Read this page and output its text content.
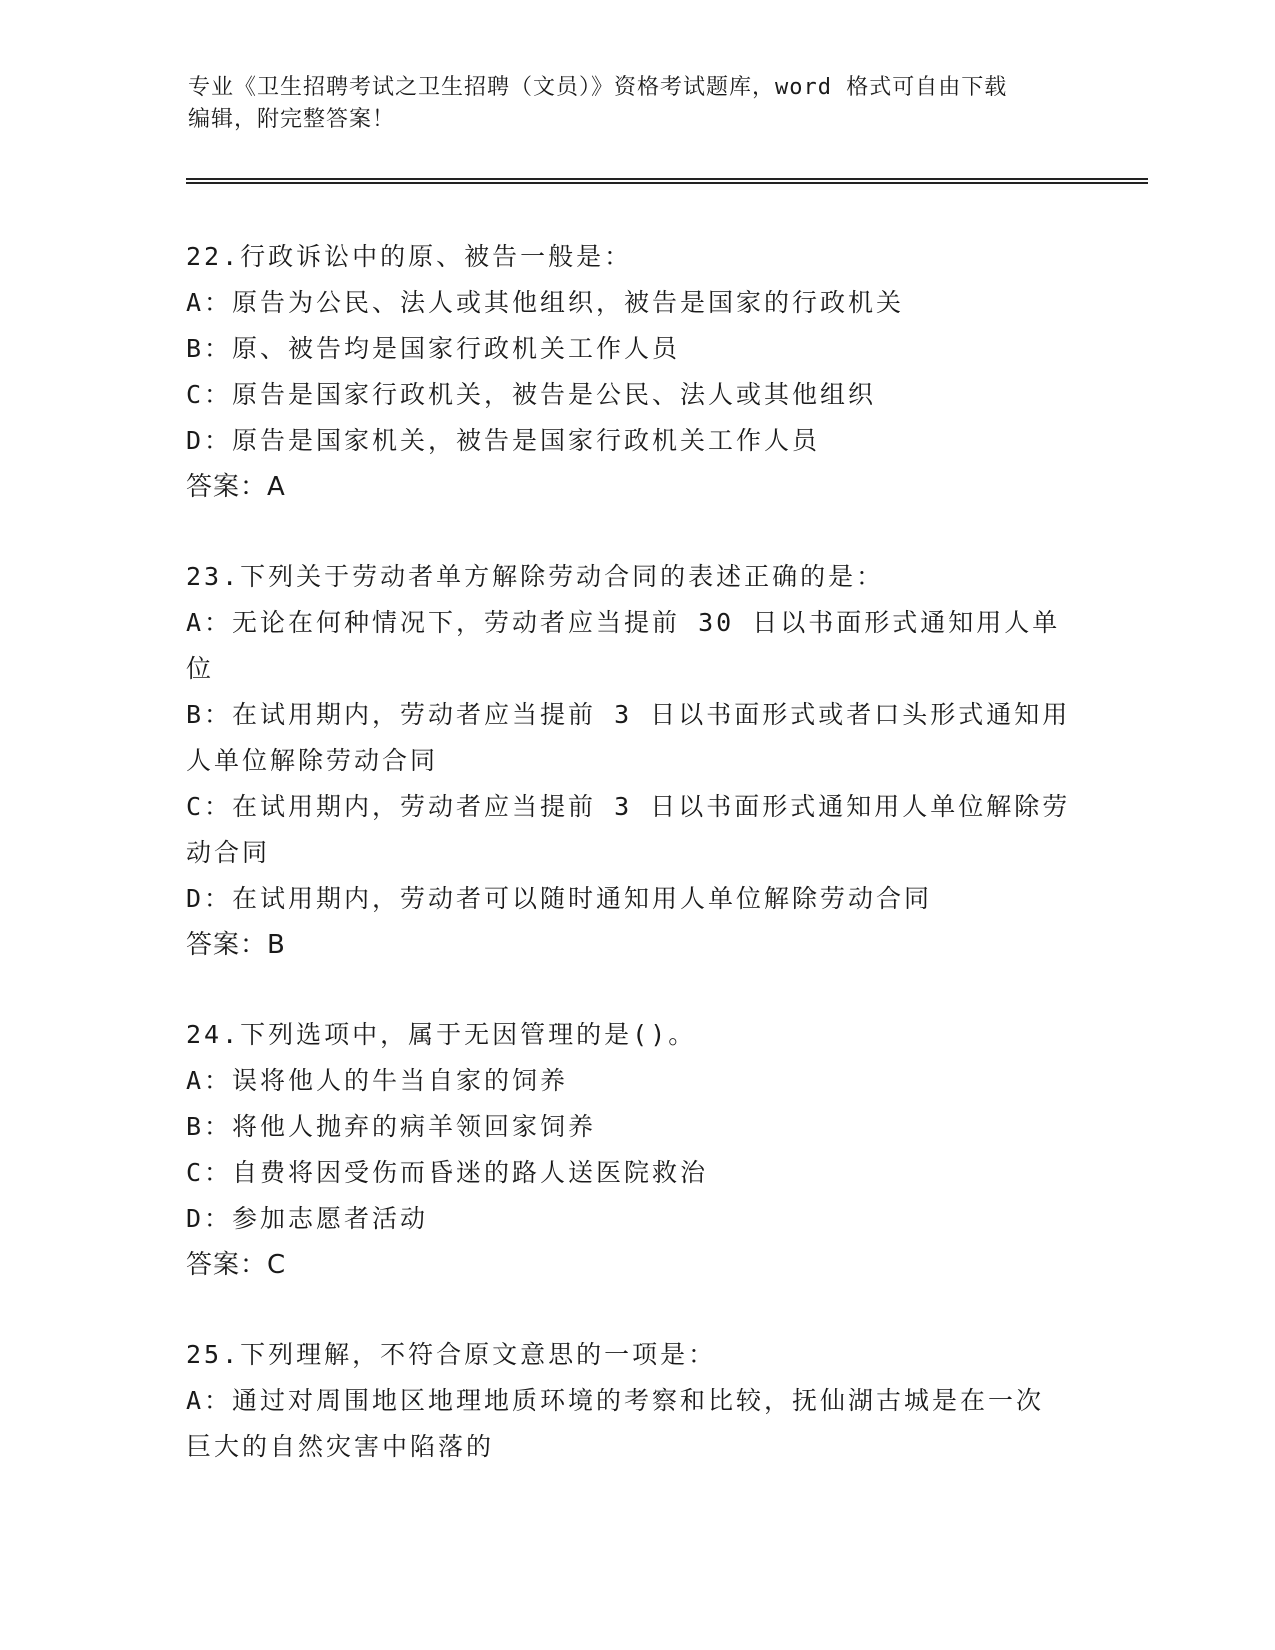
专业《卫生招聘考试之卫生招聘（文员）》资格考试题库，word 格式可自由下载
编辑，附完整答案！
22.行政诉讼中的原、被告一般是：
A：原告为公民、法人或其他组织，被告是国家的行政机关
B：原、被告均是国家行政机关工作人员
C：原告是国家行政机关，被告是公民、法人或其他组织
D：原告是国家机关，被告是国家行政机关工作人员
答案：A
23.下列关于劳动者单方解除劳动合同的表述正确的是：
A：无论在何种情况下，劳动者应当提前 30 日以书面形式通知用人单位
B：在试用期内，劳动者应当提前 3 日以书面形式或者口头形式通知用人单位解除劳动合同
C：在试用期内，劳动者应当提前 3 日以书面形式通知用人单位解除劳动合同
D：在试用期内，劳动者可以随时通知用人单位解除劳动合同
答案：B
24.下列选项中，属于无因管理的是()。
A：误将他人的牛当自家的饲养
B：将他人抛弃的病羊领回家饲养
C：自费将因受伤而昏迷的路人送医院救治
D：参加志愿者活动
答案：C
25.下列理解，不符合原文意思的一项是：
A：通过对周围地区地理地质环境的考察和比较，抚仙湖古城是在一次巨大的自然灾害中陷落的
